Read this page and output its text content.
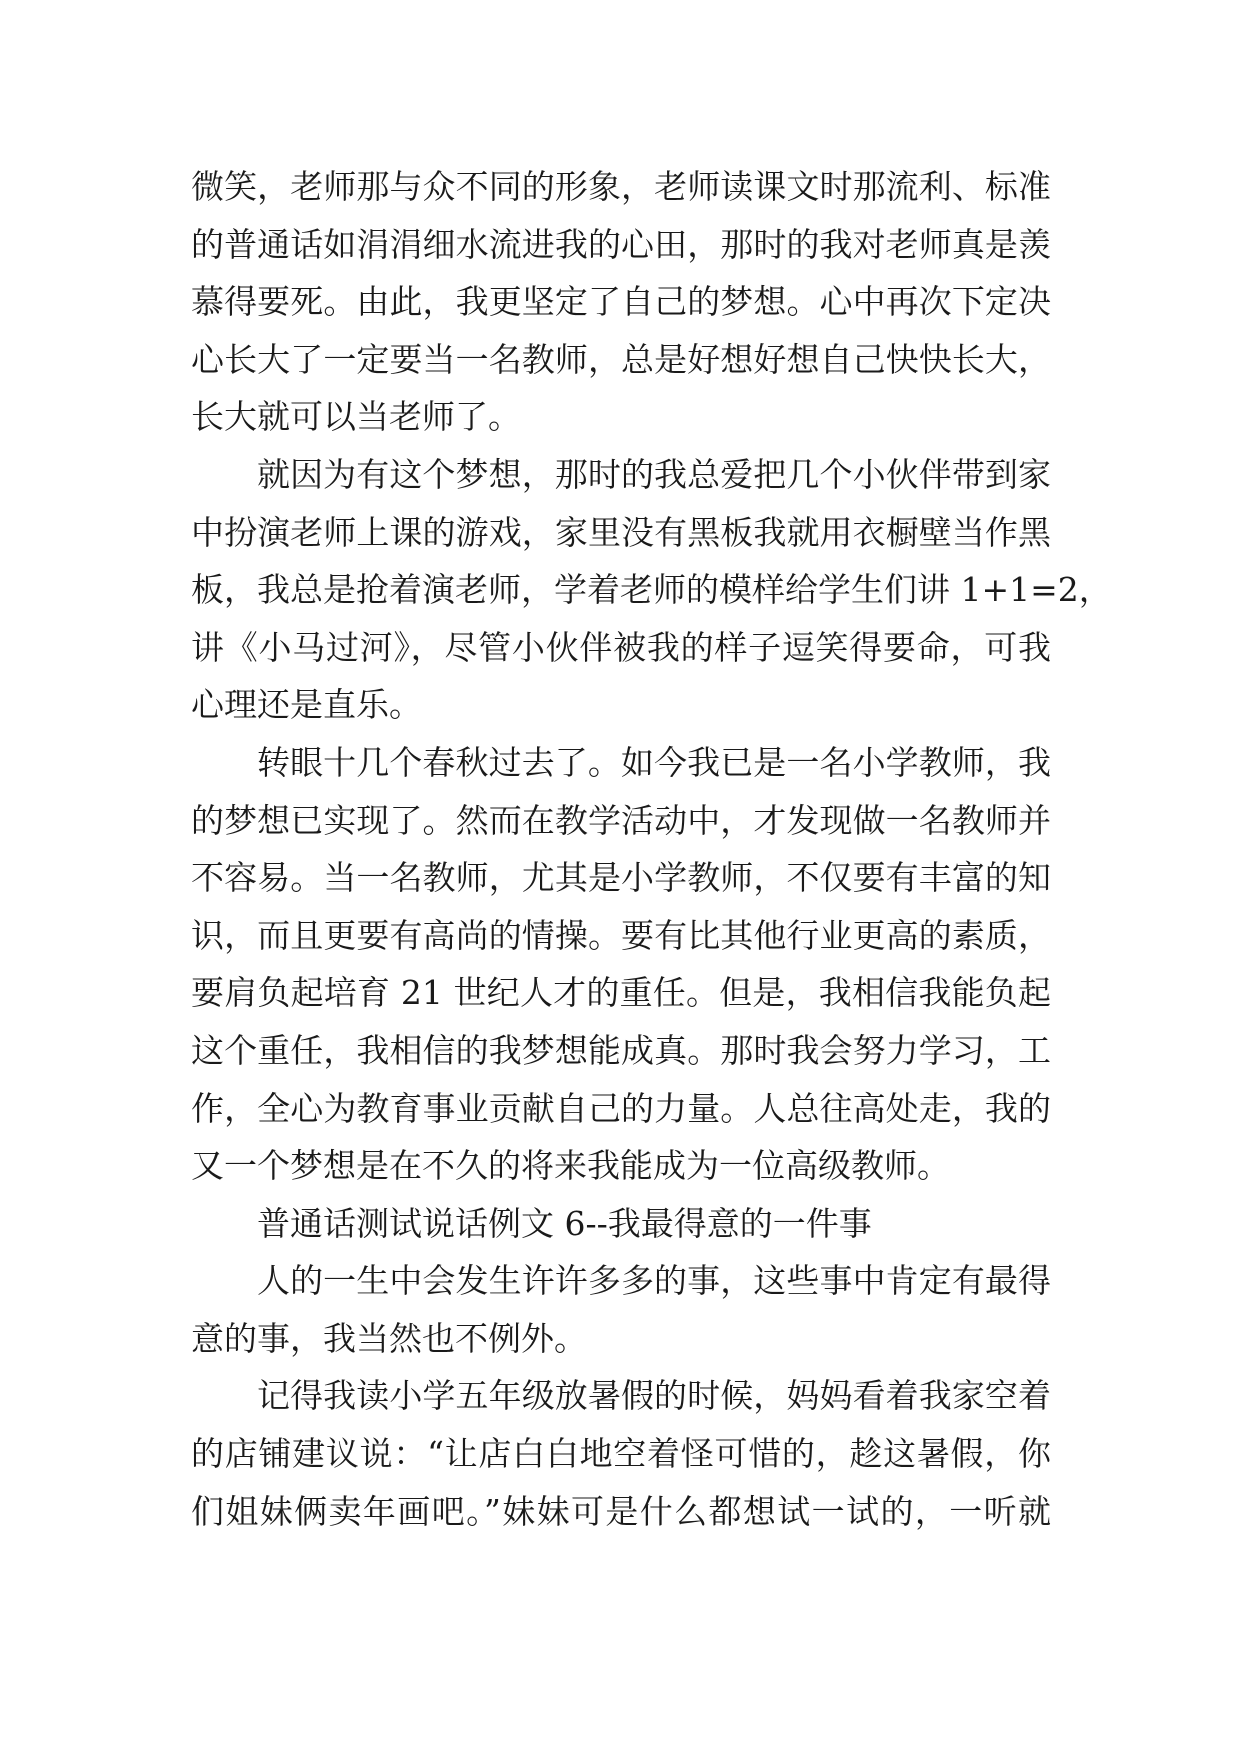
微笑，老师那与众不同的形象，老师读课文时那流利、标准
的普通话如涓涓细水流进我的心田，那时的我对老师真是羡
慕得要死。由此，我更坚定了自己的梦想。心中再次下定决
心长大了一定要当一名教师，总是好想好想自己快快长大，
长大就可以当老师了。
就因为有这个梦想，那时的我总爱把几个小伙伴带到家
中扮演老师上课的游戏，家里没有黑板我就用衣橱壁当作黑
板，我总是抢着演老师，学着老师的模样给学生们讲 1+1=2，
讲《小马过河》，尽管小伙伴被我的样子逗笑得要命，可我
心理还是直乐。
转眼十几个春秋过去了。如今我已是一名小学教师，我
的梦想已实现了。然而在教学活动中，才发现做一名教师并
不容易。当一名教师，尤其是小学教师，不仅要有丰富的知
识，而且更要有高尚的情操。要有比其他行业更高的素质，
要肩负起培育 21 世纪人才的重任。但是，我相信我能负起
这个重任，我相信的我梦想能成真。那时我会努力学习，工
作，全心为教育事业贡献自己的力量。人总往高处走，我的
又一个梦想是在不久的将来我能成为一位高级教师。
普通话测试说话例文 6--我最得意的一件事
人的一生中会发生许许多多的事，这些事中肯定有最得
意的事，我当然也不例外。
记得我读小学五年级放暑假的时候，妈妈看着我家空着
的店铺建议说：“让店白白地空着怪可惜的，趁这暑假，你
们姐妹俩卖年画吧。”妹妹可是什么都想试一试的，一听就
